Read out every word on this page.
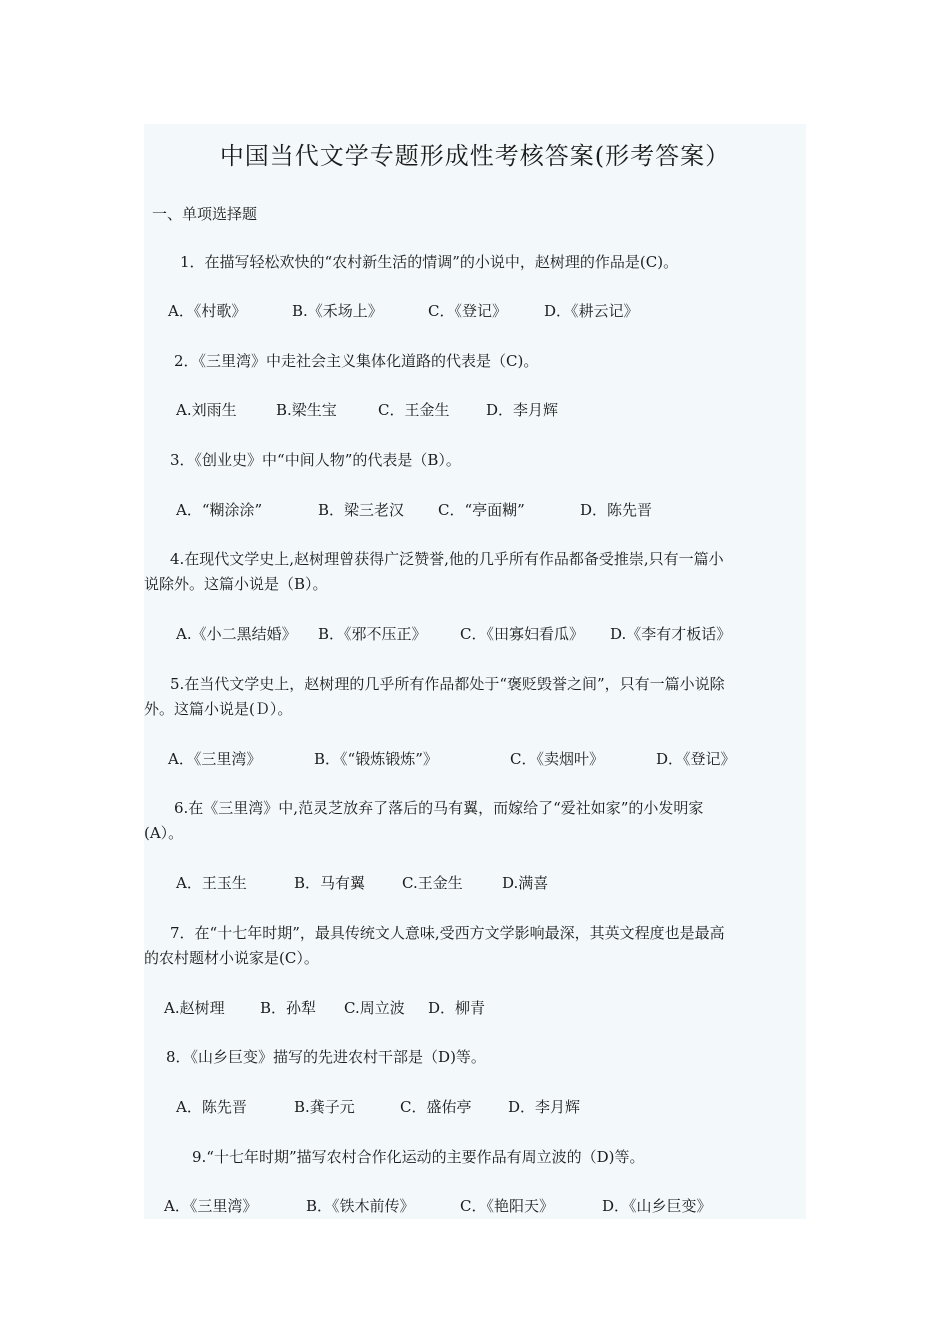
中国当代文学专题形成性考核答案(形考答案）
一、单项选择题
1．在描写轻松欢快的“农村新生活的情调”的小说中，赵树理的作品是(C)。
A．《村歌》	B.《禾场上》	C．《登记》 D．《耕云记》
2．《三里湾》中走社会主义集体化道路的代表是（C)。
A.刘雨生	B.梁生宝	C．王金生 D．李月辉
3．《创业史》中“中间人物”的代表是（B）。
A．“糊涂涂”	B．梁三老汉 C．“亭面糊”	D．陈先晋
4.在现代文学史上,赵树理曾获得广泛赞誉,他的几乎所有作品都备受推崇,只有一篇小
说除外。这篇小说是（B）。
A.《小二黑结婚》 B．《邪不压正》 C．《田寡妇看瓜》 D.《李有才板话》
5.在当代文学史上，赵树理的几乎所有作品都处于“褒贬毁誉之间”，只有一篇小说除
外。这篇小说是(Ｄ）。
A．《三里湾》	B．《“锻炼锻炼”》	C．《卖烟叶》	D．《登记》
6.在《三里湾》中,范灵芝放弃了落后的马有翼，而嫁给了“爱社如家”的小发明家
(A）。
A．王玉生	B．马有翼 C.王金生	D.满喜
7．在“十七年时期”，最具传统文人意味,受西方文学影响最深，其英文程度也是最高
的农村题材小说家是(C）。
A.赵树理 B．孙犁 C.周立波 D．柳青
8．《山乡巨变》描写的先进农村干部是（D)等。
A．陈先晋	B.龚子元	C．盛佑亭 D．李月辉
9.“十七年时期”描写农村合作化运动的主要作品有周立波的（D)等。
A．《三里湾》	B．《铁木前传》	C．《艳阳天》	D．《山乡巨变》
